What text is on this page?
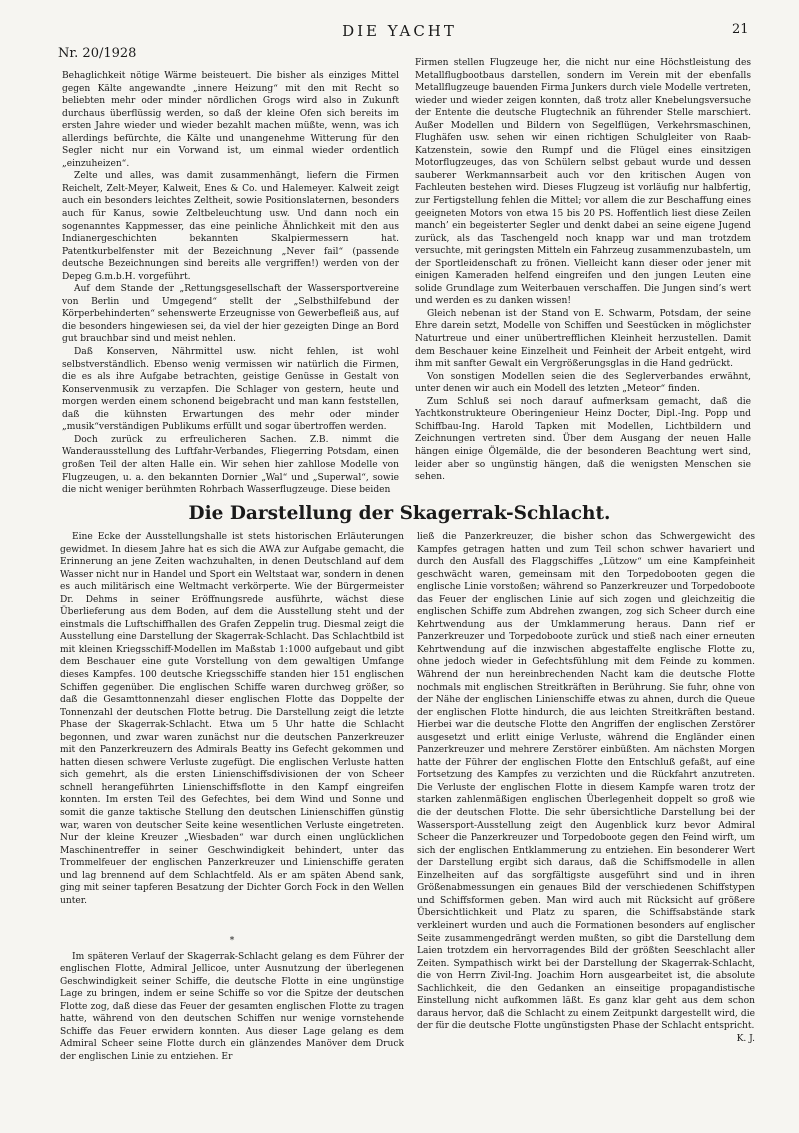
Nr. 20/1928
DIE YACHT	21

Behaglichkeit nötige Wärme beisteuert. Die bisher als einziges Mittel gegen Kälte angewandte „innere Heizung“ mit den mit Recht so beliebten mehr oder minder nördlichen Grogs wird also in Zukunft durchaus überflüssig werden, so daß der kleine Ofen sich bereits im ersten Jahre wieder und wieder bezahlt machen müßte, wenn, was ich allerdings befürchte, die Kälte und unangenehme Witterung für den Segler nicht nur ein Vorwand ist, um einmal wieder ordentlich „einzuheizen“.

Zelte und alles, was damit zusammenhängt, liefern die Firmen Reichelt, Zelt-Meyer, Kalweit, Enes & Co. und Halemeyer. Kalweit zeigt auch ein besonders leichtes Zeltheit, sowie Positionslaternen, besonders auch für Kanus, sowie Zeltbeleuchtung usw. Und dann noch ein sogenanntes Kappmesser, das eine peinliche Ähnlichkeit mit den aus Indianergeschichten bekannten Skalpiermessern hat. Patentkurbelfenster mit der Bezeichnung „Never fail“ (passende deutsche Bezeichnungen sind bereits alle vergriffen!) werden von der Depeg G.m.b.H. vorgeführt.

Auf dem Stande der „Rettungsgesellschaft der Wassersportvereine von Berlin und Umgegend“ stellt der „Selbsthilfebund der Körperbehinderten“ sehenswerte Erzeugnisse von Gewerbefleiß aus, auf die besonders hingewiesen sei, da viel der hier gezeigten Dinge an Bord gut brauchbar sind und meist nehlen.

Daß Konserven, Nährmittel usw. nicht fehlen, ist wohl selbstverständlich. Ebenso wenig vermissen wir natürlich die Firmen, die es als ihre Aufgabe betrachten, geistige Genüsse in Gestalt von Konservenmusik zu verzapfen. Die Schlager von gestern, heute und morgen werden einem schonend beigebracht und man kann feststellen, daß die kühnsten Erwartungen des mehr oder minder „musik“verständigen Publikums erfüllt und sogar übertroffen werden.

Doch zurück zu erfreulicheren Sachen. Z.B. nimmt die Wanderausstellung des Luftfahr-Verbandes, Fliegerring Potsdam, einen großen Teil der alten Halle ein. Wir sehen hier zahllose Modelle von Flugzeugen, u. a. den bekannten Dornier „Wal“ und „Superwal“, sowie die nicht weniger berühmten Rohrbach Wasserflugzeuge. Diese beiden

Firmen stellen Flugzeuge her, die nicht nur eine Höchstleistung des Metallflugbootbaus darstellen, sondern im Verein mit der ebenfalls Metallflugzeuge bauenden Firma Junkers durch viele Modelle vertreten, wieder und wieder zeigen konnten, daß trotz aller Knebelungsversuche der Entente die deutsche Flugtechnik an führender Stelle marschiert. Außer Modellen und Bildern von Segelflügen, Verkehrsmaschinen, Flughäfen usw. sehen wir einen richtigen Schulgleiter von Raab-Katzenstein, sowie den Rumpf und die Flügel eines einsitzigen Motorflugzeuges, das von Schülern selbst gebaut wurde und dessen sauberer Werkmannsarbeit auch vor den kritischen Augen von Fachleuten bestehen wird. Dieses Flugzeug ist vorläufig nur halbfertig, zur Fertigstellung fehlen die Mittel; vor allem die zur Beschaffung eines geeigneten Motors von etwa 15 bis 20 PS. Hoffentlich liest diese Zeilen manch’ ein begeisterter Segler und denkt dabei an seine eigene Jugend zurück, als das Taschengeld noch knapp war und man trotzdem versuchte, mit geringsten Mitteln ein Fahrzeug zusammenzubasteln, um der Sportleidenschaft zu frönen. Vielleicht kann dieser oder jener mit einigen Kameraden helfend eingreifen und den jungen Leuten eine solide Grundlage zum Weiterbauen verschaffen. Die Jungen sind’s wert und werden es zu danken wissen!

Gleich nebenan ist der Stand von E. Schwarm, Potsdam, der seine Ehre darein setzt, Modelle von Schiffen und Seestücken in möglichster Naturtreue und einer unübertrefflichen Kleinheit herzustellen. Damit dem Beschauer keine Einzelheit und Feinheit der Arbeit entgeht, wird ihm mit sanfter Gewalt ein Vergrößerungsglas in die Hand gedrückt.

Von sonstigen Modellen seien die des Seglerverbandes erwähnt, unter denen wir auch ein Modell des letzten „Meteor“ finden.

Zum Schluß sei noch darauf aufmerksam gemacht, daß die Yachtkonstrukteure Oberingenieur Heinz Docter, Dipl.-Ing. Popp und Schiffbau-Ing. Harold Tapken mit Modellen, Lichtbildern und Zeichnungen vertreten sind. Über dem Ausgang der neuen Halle hängen einige Ölgemälde, die der besonderen Beachtung wert sind, leider aber so ungünstig hängen, daß die wenigsten Menschen sie sehen.

Die Darstellung der Skagerrak-Schlacht.

Eine Ecke der Ausstellungshalle ist stets historischen Erläuterungen gewidmet. In diesem Jahre hat es sich die AWA zur Aufgabe gemacht, die Erinnerung an jene Zeiten wachzuhalten, in denen Deutschland auf dem Wasser nicht nur in Handel und Sport ein Weltstaat war, sondern in denen es auch militärisch eine Weltmacht verkörperte. Wie der Bürgermeister Dr. Dehms in seiner Eröffnungsrede ausführte, wächst diese Überlieferung aus dem Boden, auf dem die Ausstellung steht und der einstmals die Luftschiffhallen des Grafen Zeppelin trug. Diesmal zeigt die Ausstellung eine Darstellung der Skagerrak-Schlacht. Das Schlachtbild ist mit kleinen Kriegsschiff-Modellen im Maßstab 1:1000 aufgebaut und gibt dem Beschauer eine gute Vorstellung von dem gewaltigen Umfange dieses Kampfes. 100 deutsche Kriegsschiffe standen hier 151 englischen Schiffen gegenüber. Die englischen Schiffe waren durchweg größer, so daß die Gesamttonnenzahl dieser englischen Flotte das Doppelte der Tonnenzahl der deutschen Flotte betrug. Die Darstellung zeigt die letzte Phase der Skagerrak-Schlacht. Etwa um 5 Uhr hatte die Schlacht begonnen, und zwar waren zunächst nur die deutschen Panzerkreuzer mit den Panzerkreuzern des Admirals Beatty ins Gefecht gekommen und hatten diesen schwere Verluste zugefügt. Die englischen Verluste hatten sich gemehrt, als die ersten Linienschiffsdivisionen der von Scheer schnell herangeführten Linienschiffsflotte in den Kampf eingreifen konnten. Im ersten Teil des Gefechtes, bei dem Wind und Sonne und somit die ganze taktische Stellung den deutschen Linienschiffen günstig war, waren von deutscher Seite keine wesentlichen Verluste eingetreten. Nur der kleine Kreuzer „Wiesbaden“ war durch einen unglücklichen Maschinentreffer in seiner Geschwindigkeit behindert, unter das Trommelfeuer der englischen Panzerkreuzer und Linienschiffe geraten und lag brennend auf dem Schlachtfeld. Als er am späten Abend sank, ging mit seiner tapferen Besatzung der Dichter Gorch Fock in den Wellen unter.

*

Im späteren Verlauf der Skagerrak-Schlacht gelang es dem Führer der englischen Flotte, Admiral Jellicoe, unter Ausnutzung der überlegenen Geschwindigkeit seiner Schiffe, die deutsche Flotte in eine ungünstige Lage zu bringen, indem er seine Schiffe so vor die Spitze der deutschen Flotte zog, daß diese das Feuer der gesamten englischen Flotte zu tragen hatte, während von den deutschen Schiffen nur wenige vornstehende Schiffe das Feuer erwidern konnten. Aus dieser Lage gelang es dem Admiral Scheer seine Flotte durch ein glänzendes Manöver dem Druck der englischen Linie zu entziehen. Er

ließ die Panzerkreuzer, die bisher schon das Schwergewicht des Kampfes getragen hatten und zum Teil schon schwer havariert und durch den Ausfall des Flaggschiffes „Lützow“ um eine Kampfeinheit geschwächt waren, gemeinsam mit den Torpedobooten gegen die englische Linie vorstoßen; während so Panzerkreuzer und Torpedoboote das Feuer der englischen Linie auf sich zogen und gleichzeitig die englischen Schiffe zum Abdrehen zwangen, zog sich Scheer durch eine Kehrtwendung aus der Umklammerung heraus. Dann rief er Panzerkreuzer und Torpedoboote zurück und stieß nach einer erneuten Kehrtwendung auf die inzwischen abgestaffelte englische Flotte zu, ohne jedoch wieder in Gefechtsfühlung mit dem Feinde zu kommen. Während der nun hereinbrechenden Nacht kam die deutsche Flotte nochmals mit englischen Streitkräften in Berührung. Sie fuhr, ohne von der Nähe der englischen Linienschiffe etwas zu ahnen, durch die Queue der englischen Flotte hindurch, die aus leichten Streitkräften bestand. Hierbei war die deutsche Flotte den Angriffen der englischen Zerstörer ausgesetzt und erlitt einige Verluste, während die Engländer einen Panzerkreuzer und mehrere Zerstörer einbüßten. Am nächsten Morgen hatte der Führer der englischen Flotte den Entschluß gefaßt, auf eine Fortsetzung des Kampfes zu verzichten und die Rückfahrt anzutreten. Die Verluste der englischen Flotte in diesem Kampfe waren trotz der starken zahlenmäßigen englischen Überlegenheit doppelt so groß wie die der deutschen Flotte. Die sehr übersichtliche Darstellung bei der Wassersport-Ausstellung zeigt den Augenblick kurz bevor Admiral Scheer die Panzerkreuzer und Torpedoboote gegen den Feind wirft, um sich der englischen Entklammerung zu entziehen. Ein besonderer Wert der Darstellung ergibt sich daraus, daß die Schiffsmodelle in allen Einzelheiten auf das sorgfältigste ausgeführt sind und in ihren Größenabmessungen ein genaues Bild der verschiedenen Schiffstypen und Schiffsformen geben. Man wird auch mit Rücksicht auf größere Übersichtlichkeit und Platz zu sparen, die Schiffsabstände stark verkleinert wurden und auch die Formationen besonders auf englischer Seite zusammengedrängt werden mußten, so gibt die Darstellung dem Laien trotzdem ein hervorragendes Bild der größten Seeschlacht aller Zeiten. Sympathisch wirkt bei der Darstellung der Skagerrak-Schlacht, die von Herrn Zivil-Ing. Joachim Horn ausgearbeitet ist, die absolute Sachlichkeit, die den Gedanken an einseitige propagandistische Einstellung nicht aufkommen läßt. Es ganz klar geht aus dem schon daraus hervor, daß die Schlacht zu einem Zeitpunkt dargestellt wird, die der für die deutsche Flotte ungünstigsten Phase der Schlacht entspricht.

K. J.
